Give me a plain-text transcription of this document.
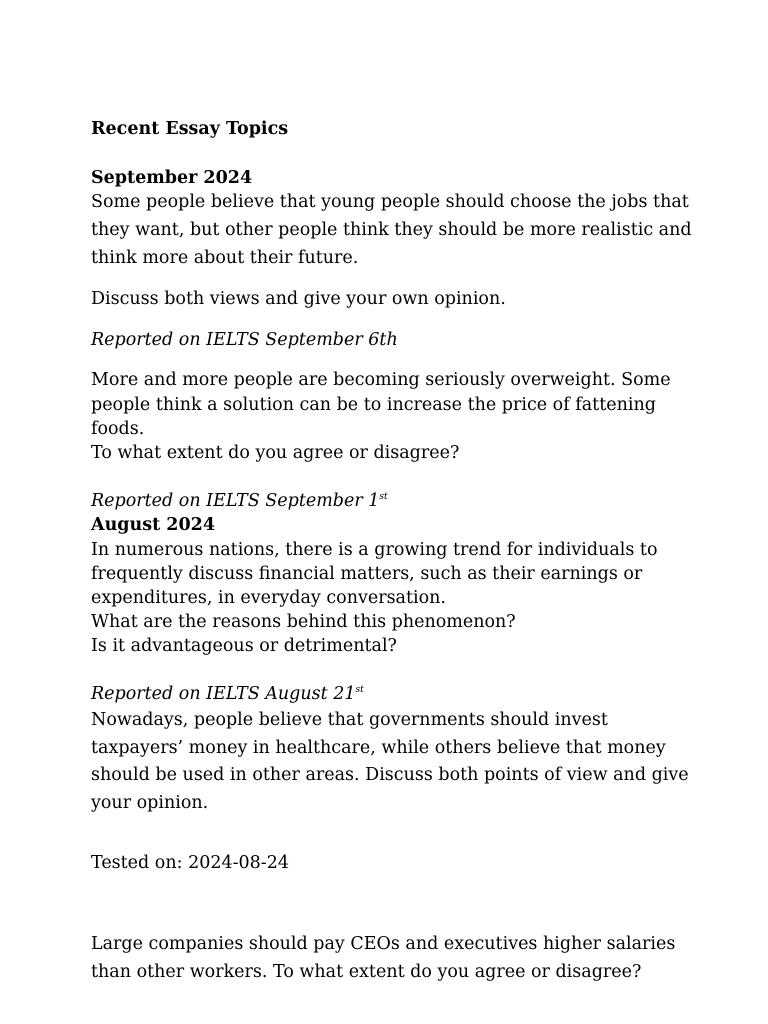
Recent Essay Topics
September 2024
Some people believe that young people should choose the jobs that
they want, but other people think they should be more realistic and
think more about their future.
Discuss both views and give your own opinion.
Reported on IELTS September 6th
More and more people are becoming seriously overweight. Some
people think a solution can be to increase the price of fattening
foods.
To what extent do you agree or disagree?
Reported on IELTS September 1st
August 2024
In numerous nations, there is a growing trend for individuals to
frequently discuss financial matters, such as their earnings or
expenditures, in everyday conversation.
What are the reasons behind this phenomenon?
Is it advantageous or detrimental?
Reported on IELTS August 21st
Nowadays, people believe that governments should invest
taxpayers’ money in healthcare, while others believe that money
should be used in other areas. Discuss both points of view and give
your opinion.
Tested on: 2024-08-24
Large companies should pay CEOs and executives higher salaries
than other workers. To what extent do you agree or disagree?
